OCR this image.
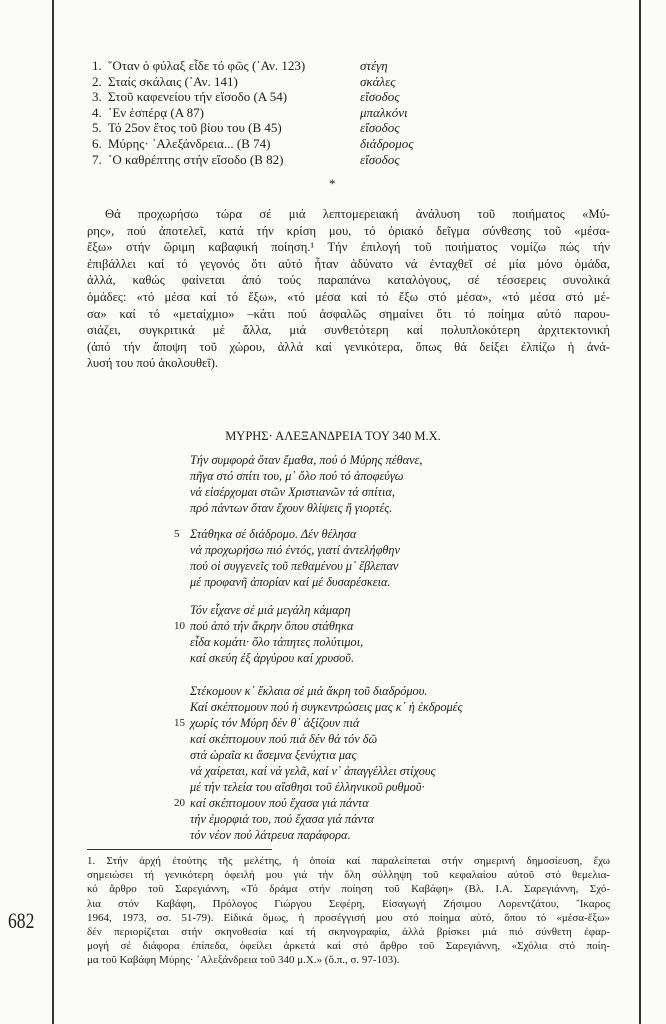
1. ῞Οταν ὁ φύλαξ εἶδε τό φῶς (᾽Αν. 123)	στέγη
2. Σταίς σκάλαις (᾽Αν. 141)	σκάλες
3. Στοῦ καφενείου τήν εἴσοδο (Α 54)	εἴσοδος
4. ᾽Εν ἑσπέρᾳ (Α 87)	μπαλκόνι
5. Τό 25ον ἔτος τοῦ βίου του (Β 45)	εἴσοδος
6. Μύρης· ᾽Αλεξάνδρεια... (Β 74)	διάδρομος
7. ῾Ο καθρέπτης στήν εἴσοδο (Β 82)	εἴσοδος
*
Θά προχωρήσω τώρα σέ μιά λεπτομερειακή ἀνάλυση τοῦ ποιήματος «Μύ-
ρης», πού ἀποτελεῖ, κατά τήν κρίση μου, τό ὁριακό δεῖγμα σύνθεσης τοῦ «μέσα-
ἔξω» στήν ὥριμη καβαφική ποίηση.¹ Τήν ἐπιλογή τοῦ ποιήματος νομίζω πώς τήν
ἐπιβάλλει καί τό γεγονός ὅτι αὐτό ἦταν ἀδύνατο νά ἐνταχθεῖ σέ μία μόνο ὁμάδα,
ἀλλά, καθώς φαίνεται ἀπό τούς παραπάνω καταλόγους, σέ τέσσερεις συνολικά
ὁμάδες: «τό μέσα καί τό ἔξω», «τό μέσα καί τό ἔξω στό μέσα», «τό μέσα στό μέ-
σα» καί τό «μεταίχμιο» –κάτι πού ἀσφαλῶς σημαίνει ὅτι τό ποίημα αὐτό παρου-
σιάζει, συγκριτικά μέ ἄλλα, μιά συνθετότερη καί πολυπλοκότερη ἀρχιτεκτονική
(ἀπό τήν ἄποψη τοῦ χώρου, ἀλλά καί γενικότερα, ὅπως θά δείξει ἐλπίζω ἡ ἀνά-
λυσή του πού ἀκολουθεῖ).
ΜΥΡΗΣ· ΑΛΕΞΑΝΔΡΕΙΑ ΤΟΥ 340 Μ.Χ.
Τήν συμφορά ὅταν ἔμαθα, πού ὁ Μύρης πέθανε,
πῆγα στό σπίτι του, μ᾽ ὅλο πού τό ἀποφεύγω
νά εἰσέρχομαι στῶν Χριστιανῶν τά σπίτια,
πρό πάντων ὅταν ἔχουν θλίψεις ἤ γιορτές.
5 Στάθηκα σέ διάδρομο. Δέν θέλησα
νά προχωρήσω πιό ἐντός, γιατί ἀντελήφθην
πού οἱ συγγενεῖς τοῦ πεθαμένου μ᾽ ἔβλεπαν
μέ προφανῆ ἀπορίαν καί μέ δυσαρέσκεια.
Τόν εἶχανε σέ μιά μεγάλη κάμαρη
10 πού ἀπό τήν ἄκρην ὅπου στάθηκα
εἶδα κομάτι· ὅλο τάπητες πολύτιμοι,
καί σκεύη ἐξ ἀργύρου καί χρυσοῦ.
Στέκομουν κ᾽ ἔκλαια σέ μιά ἄκρη τοῦ διαδρόμου.
Καί σκέπτομουν πού ἡ συγκεντρώσεις μας κ᾽ ἡ ἐκδρομές
15 χωρίς τόν Μύρη δέν θ᾽ ἀξίζουν πιά
καί σκέπτομουν πού πιά δέν θά τόν δῶ
στά ὡραῖα κι ἄσεμνα ξενύχτια μας
νά χαίρεται, καί νά γελᾶ, καί ν᾽ ἀπαγγέλλει στίχους
μέ τήν τελεία του αἴσθησι τοῦ ἑλληνικοῦ ρυθμοῦ·
20 καί σκέπτομουν πού ἔχασα γιά πάντα
τήν ἐμορφιά του, πού ἔχασα γιά πάντα
τόν νέον πού λάτρευα παράφορα.
1. Στήν ἀρχή ἐτούτης τῆς μελέτης, ἡ ὁποία καί παραλείπεται στήν σημερινή δημοσίευση, ἔχω
σημειώσει τή γενικότερη ὀφειλή μου γιά τήν ὅλη σύλληψη τοῦ κεφαλαίου αὐτοῦ στό θεμελια-
κό ἄρθρο τοῦ Σαρεγιάννη, «Τό δράμα στήν ποίηση τοῦ Καβάφη» (Βλ. Ι.Α. Σαρεγιάννη, Σχό-
λια στόν Καβάφη, Πρόλογος Γιώργου Σεφέρη, Εἰσαγωγή Ζήσιμου Λορεντζάτου, ῎Ικαρος
1964, 1973, σσ. 51-79). Εἰδικά ὅμως, ἡ προσέγγισή μου στό ποίημα αὐτό, ὅπου τό «μέσα-ἔξω»
δέν περιορίζεται στήν σκηνοθεσία καί τή σκηνογραφία, ἀλλά βρίσκει μιά πιό σύνθετη ἐφαρ-
μογή σέ διάφορα ἐπίπεδα, ὀφείλει ἀρκετά καί στό ἄρθρο τοῦ Σαρεγιάννη, «Σχόλια στό ποίη-
μα τοῦ Καβάφη Μύρης· ᾽Αλεξάνδρεια τοῦ 340 μ.Χ.» (ὅ.π., σ. 97-103).
682
